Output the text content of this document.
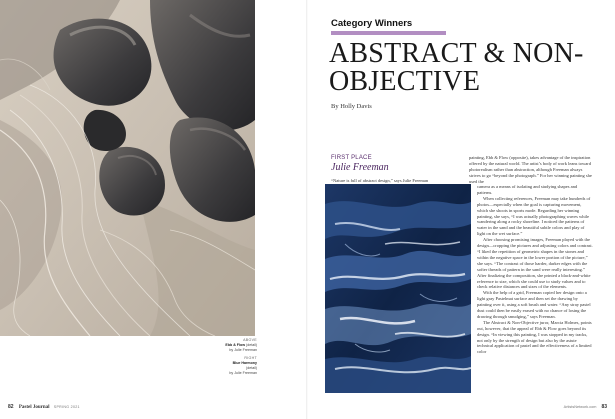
ABOVE
Ebb & Flow (detail)
by Julie Freeman
RIGHT
Blue Harmony
(detail)
by Julie Freeman
82 Pastel Journal SPRING 2021
Category Winners
ABSTRACT & NON-OBJECTIVE
By Holly Davis
FIRST PLACE
Julie Freeman

“Nature is full of abstract design,” says Julie Freeman

painting, Ebb & Flow (opposite), takes advantage of the inspiration offered by the natural world. The artist’s body of work leans toward photorealism rather than abstraction, although Freeman always strives to go “beyond the photograph.” For her winning painting she used the

camera as a means of isolating and studying shapes and patterns.

When collecting references, Freeman may take hundreds of photos—especially when the goal is capturing movement, which she shoots in sports mode. Regarding her winning painting, she says, “I was actually photographing waves while wandering along a rocky shoreline. I noticed the patterns of water in the sand and the beautiful subtle colors and play of light on the wet surface.”

After choosing promising images, Freeman played with the design—cropping the pictures and adjusting colors and contrast. “I liked the repetition of geometric shapes in the stones and within the negative space in the lower portion of the picture,” she says. “The contrast of those harder, darker edges with the softer threads of pattern in the sand were really interesting.” After finalizing the composition, she printed a black-and-white reference to size, which she could use to study values and to check relative distances and sizes of the elements.

With the help of a grid, Freeman copied her design onto a light gray Pastelmat surface and then set the drawing by painting over it, using a soft brush and water. “Any stray pastel dust could then be easily erased with no chance of losing the drawing through smudging,” says Freeman.

The Abstract & Non-Objective juror, Marcia Holmes, points out, however, that the appeal of Ebb & Flow goes beyond its design. “In viewing this painting, I was stopped in my tracks, not only by the strength of design but also by the astute technical application of pastel and the effectiveness of a limited color

ArtistsNetwork.com 83
